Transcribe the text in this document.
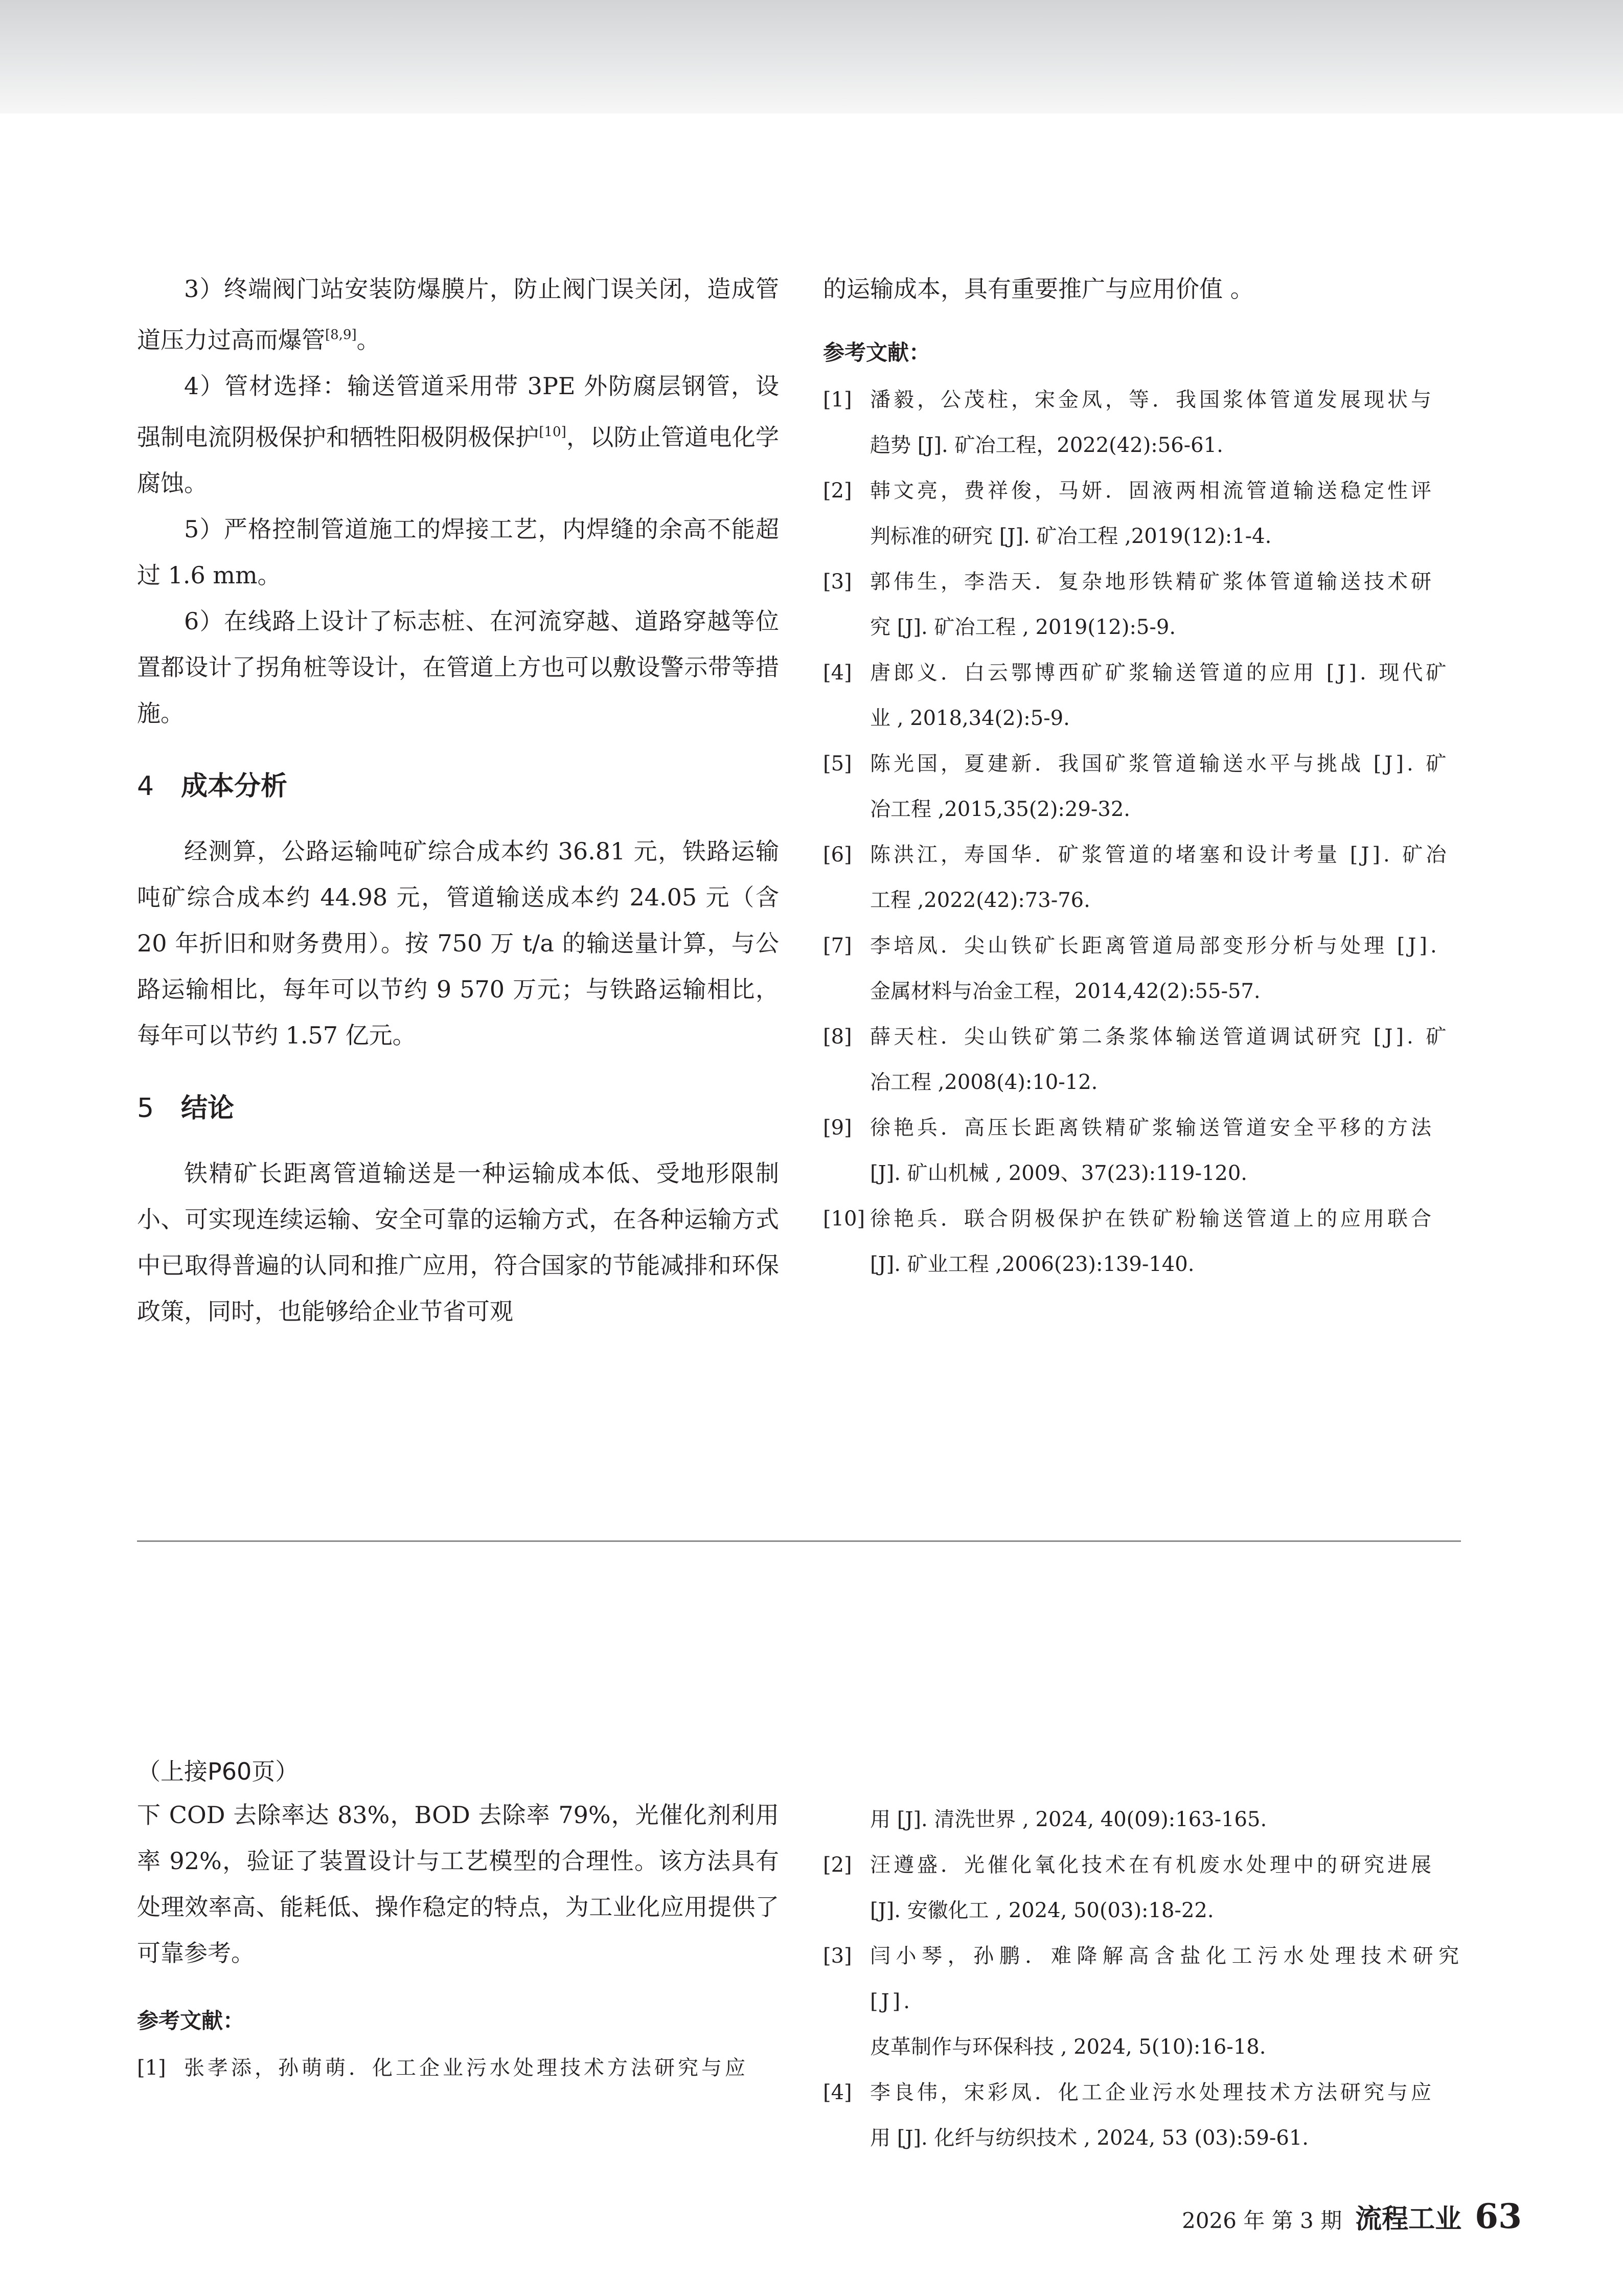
3）终端阀门站安装防爆膜片，防止阀门误关闭，造成管道压力过高而爆管[8,9]。

4）管材选择：输送管道采用带 3PE 外防腐层钢管，设强制电流阴极保护和牺牲阳极阴极保护[10]，以防止管道电化学腐蚀。

5）严格控制管道施工的焊接工艺，内焊缝的余高不能超过 1.6 mm。

6）在线路上设计了标志桩、在河流穿越、道路穿越等位置都设计了拐角桩等设计，在管道上方也可以敷设警示带等措施。

4 成本分析

经测算，公路运输吨矿综合成本约 36.81 元，铁路运输吨矿综合成本约 44.98 元，管道输送成本约 24.05 元（含 20 年折旧和财务费用）。按 750 万 t/a 的输送量计算，与公路运输相比，每年可以节约 9 570 万元；与铁路运输相比，每年可以节约 1.57 亿元。

5 结论

铁精矿长距离管道输送是一种运输成本低、受地形限制小、可实现连续运输、安全可靠的运输方式，在各种运输方式中已取得普遍的认同和推广应用，符合国家的节能减排和环保政策，同时，也能够给企业节省可观

的运输成本，具有重要推广与应用价值 。

参考文献：

[1] 潘毅，公茂柱，宋金凤，等．我国浆体管道发展现状与
趋势 [J]. 矿冶工程，2022(42):56-61.
[2] 韩文亮，费祥俊，马妍．固液两相流管道输送稳定性评
判标准的研究 [J]. 矿冶工程 ,2019(12):1-4.
[3] 郭伟生，李浩天．复杂地形铁精矿浆体管道输送技术研
究 [J]. 矿冶工程 , 2019(12):5-9.
[4] 唐郎义．白云鄂博西矿矿浆输送管道的应用 [J]. 现代矿
业 , 2018,34(2):5-9.
[5] 陈光国，夏建新．我国矿浆管道输送水平与挑战 [J]. 矿
冶工程 ,2015,35(2):29-32.
[6] 陈洪江，寿国华．矿浆管道的堵塞和设计考量 [J]. 矿冶
工程 ,2022(42):73-76.
[7] 李培凤．尖山铁矿长距离管道局部变形分析与处理 [J].
金属材料与冶金工程，2014,42(2):55-57.
[8] 薛天柱．尖山铁矿第二条浆体输送管道调试研究 [J]. 矿
冶工程 ,2008(4):10-12.
[9] 徐艳兵．高压长距离铁精矿浆输送管道安全平移的方法
[J]. 矿山机械 , 2009、37(23):119-120.
[10] 徐艳兵．联合阴极保护在铁矿粉输送管道上的应用联合
[J]. 矿业工程 ,2006(23):139-140.

（上接P60页）

下 COD 去除率达 83%，BOD 去除率 79%，光催化剂利用率 92%，验证了装置设计与工艺模型的合理性。该方法具有处理效率高、能耗低、操作稳定的特点，为工业化应用提供了可靠参考。

参考文献：

[1] 张孝添，孙萌萌．化工企业污水处理技术方法研究与应
用 [J]. 清洗世界 , 2024, 40(09):163-165.
[2] 汪遵盛．光催化氧化技术在有机废水处理中的研究进展
[J]. 安徽化工 , 2024, 50(03):18-22.
[3] 闫小琴，孙鹏．难降解高含盐化工污水处理技术研究 [J].
皮革制作与环保科技 , 2024, 5(10):16-18.
[4] 李良伟，宋彩凤．化工企业污水处理技术方法研究与应
用 [J]. 化纤与纺织技术 , 2024, 53 (03):59-61.
2026 年 第 3 期 流程工业 63
